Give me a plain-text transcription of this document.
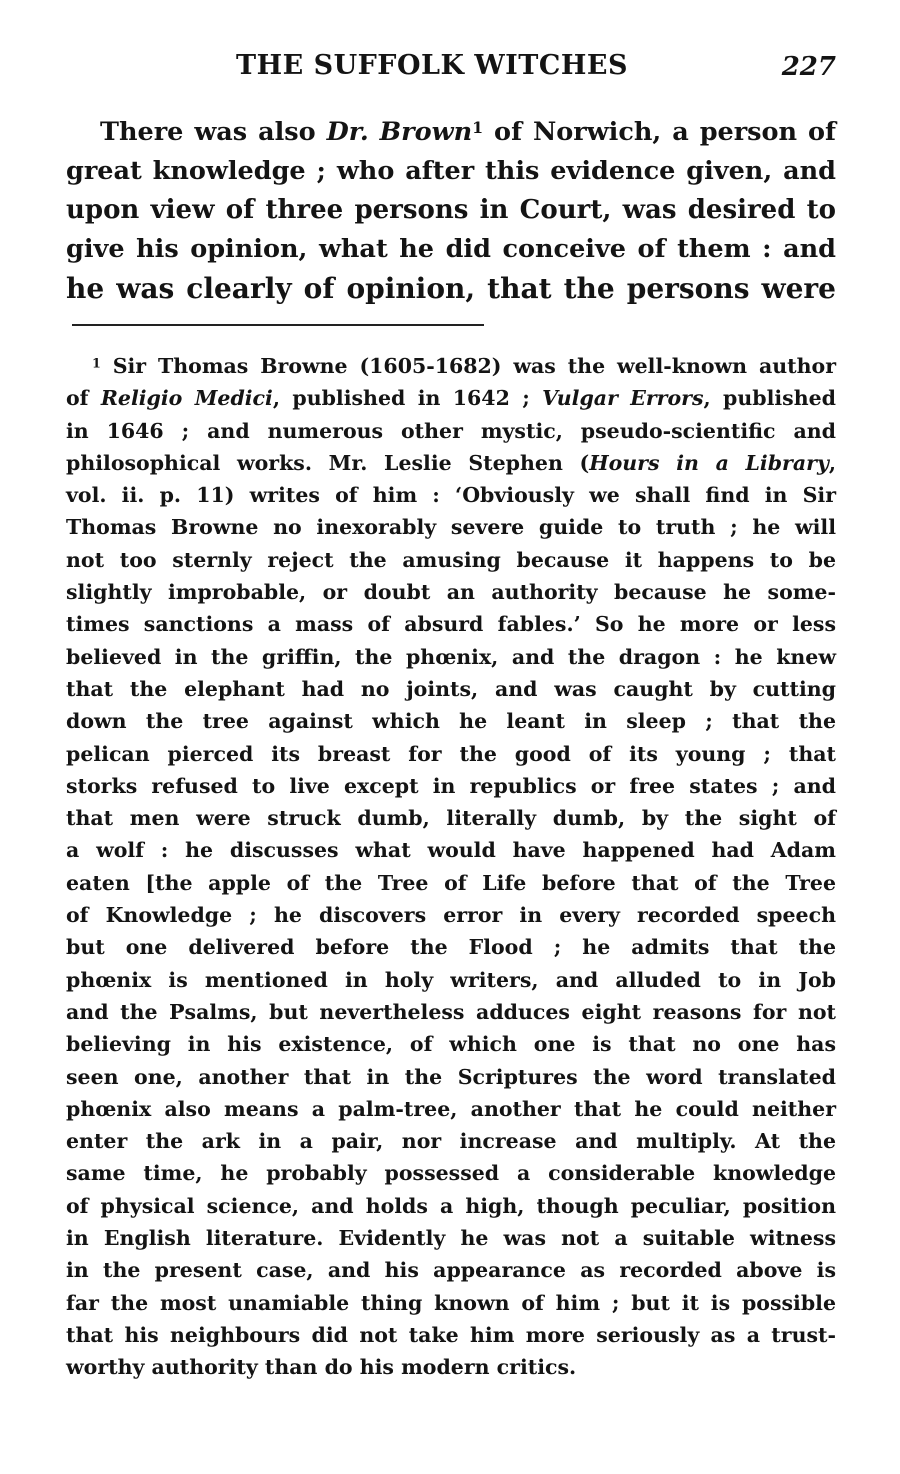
THE SUFFOLK WITCHES	227
There was also Dr. Brown$^1$ of Norwich, a person of
great knowledge ; who after this evidence given, and
upon view of three persons in Court, was desired to
give his opinion, what he did conceive of them : and
he was clearly of opinion, that the persons were
$^1$ Sir Thomas Browne (1605-1682) was the well-known author
of Religio Medici, published in 1642 ; Vulgar Errors, published
in 1646 ; and numerous other mystic, pseudo-scientific and
philosophical works. Mr. Leslie Stephen (Hours in a Library,
vol. ii. p. 11) writes of him : ‘Obviously we shall find in Sir
Thomas Browne no inexorably severe guide to truth ; he will
not too sternly reject the amusing because it happens to be
slightly improbable, or doubt an authority because he some-
times sanctions a mass of absurd fables.’ So he more or less
believed in the griffin, the phœnix, and the dragon : he knew
that the elephant had no joints, and was caught by cutting
down the tree against which he leant in sleep ; that the
pelican pierced its breast for the good of its young ; that
storks refused to live except in republics or free states ; and
that men were struck dumb, literally dumb, by the sight of
a wolf : he discusses what would have happened had Adam
eaten [the apple of the Tree of Life before that of the Tree
of Knowledge ; he discovers error in every recorded speech
but one delivered before the Flood ; he admits that the
phœnix is mentioned in holy writers, and alluded to in Job
and the Psalms, but nevertheless adduces eight reasons for not
believing in his existence, of which one is that no one has
seen one, another that in the Scriptures the word translated
phœnix also means a palm-tree, another that he could neither
enter the ark in a pair, nor increase and multiply. At the
same time, he probably possessed a considerable knowledge
of physical science, and holds a high, though peculiar, position
in English literature. Evidently he was not a suitable witness
in the present case, and his appearance as recorded above is
far the most unamiable thing known of him ; but it is possible
that his neighbours did not take him more seriously as a trust-
worthy authority than do his modern critics.
